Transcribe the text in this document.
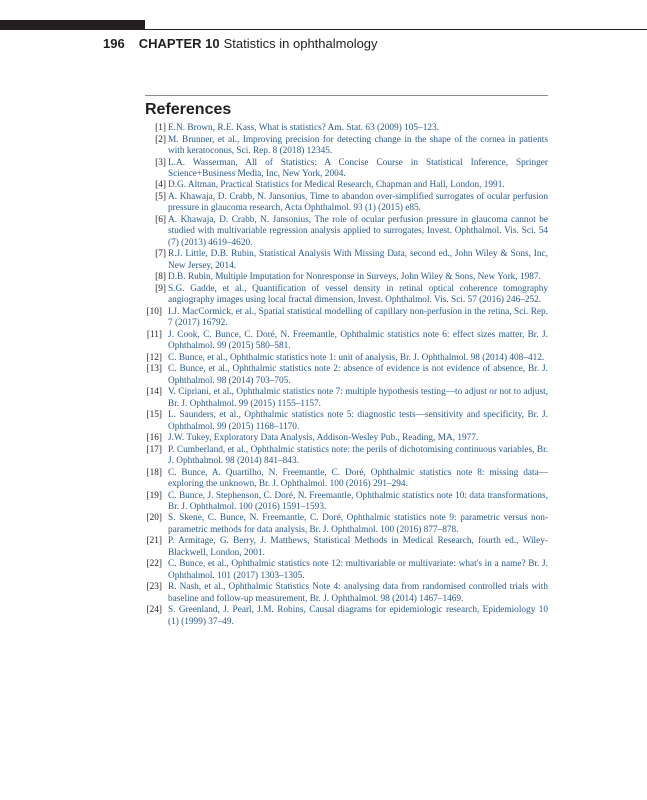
196 CHAPTER 10 Statistics in ophthalmology
References
[1] E.N. Brown, R.E. Kass, What is statistics? Am. Stat. 63 (2009) 105–123.
[2] M. Brunner, et al., Improving precision for detecting change in the shape of the cornea in patients with keratoconus, Sci. Rep. 8 (2018) 12345.
[3] L.A. Wasserman, All of Statistics: A Concise Course in Statistical Inference, Springer Science+Business Media, Inc, New York, 2004.
[4] D.G. Altman, Practical Statistics for Medical Research, Chapman and Hall, London, 1991.
[5] A. Khawaja, D. Crabb, N. Jansonius, Time to abandon over-simplified surrogates of ocular perfusion pressure in glaucoma research, Acta Ophthalmol. 93 (1) (2015) e85.
[6] A. Khawaja, D. Crabb, N. Jansonius, The role of ocular perfusion pressure in glaucoma cannot be studied with multivariable regression analysis applied to surrogates, Invest. Ophthalmol. Vis. Sci. 54 (7) (2013) 4619–4620.
[7] R.J. Little, D.B. Rubin, Statistical Analysis With Missing Data, second ed., John Wiley & Sons, Inc, New Jersey, 2014.
[8] D.B. Rubin, Multiple Imputation for Nonresponse in Surveys, John Wiley & Sons, New York, 1987.
[9] S.G. Gadde, et al., Quantification of vessel density in retinal optical coherence tomography angiography images using local fractal dimension, Invest. Ophthalmol. Vis. Sci. 57 (2016) 246–252.
[10] I.J. MacCormick, et al., Spatial statistical modelling of capillary non-perfusion in the retina, Sci. Rep. 7 (2017) 16792.
[11] J. Cook, C. Bunce, C. Doré, N. Freemantle, Ophthalmic statistics note 6: effect sizes matter, Br. J. Ophthalmol. 99 (2015) 580–581.
[12] C. Bunce, et al., Ophthalmic statistics note 1: unit of analysis, Br. J. Ophthalmol. 98 (2014) 408–412.
[13] C. Bunce, et al., Ophthalmic statistics note 2: absence of evidence is not evidence of absence, Br. J. Ophthalmol. 98 (2014) 703–705.
[14] V. Cipriani, et al., Ophthalmic statistics note 7: multiple hypothesis testing—to adjust or not to adjust, Br. J. Ophthalmol. 99 (2015) 1155–1157.
[15] L. Saunders, et al., Ophthalmic statistics note 5: diagnostic tests—sensitivity and specificity, Br. J. Ophthalmol. 99 (2015) 1168–1170.
[16] J.W. Tukey, Exploratory Data Analysis, Addison-Wesley Pub., Reading, MA, 1977.
[17] P. Cumberland, et al., Ophthalmic statistics note: the perils of dichotomising continuous variables, Br. J. Ophthalmol. 98 (2014) 841–843.
[18] C. Bunce, A. Quartilho, N. Freemantle, C. Doré, Ophthalmic statistics note 8: missing data—exploring the unknown, Br. J. Ophthalmol. 100 (2016) 291–294.
[19] C. Bunce, J. Stephenson, C. Doré, N. Freemantle, Ophthalmic statistics note 10: data transformations, Br. J. Ophthalmol. 100 (2016) 1591–1593.
[20] S. Skene, C. Bunce, N. Freemantle, C. Doré, Ophthalmic statistics note 9: parametric versus non-parametric methods for data analysis, Br. J. Ophthalmol. 100 (2016) 877–878.
[21] P. Armitage, G. Berry, J. Matthews, Statistical Methods in Medical Research, fourth ed., Wiley-Blackwell, London, 2001.
[22] C. Bunce, et al., Ophthalmic statistics note 12: multivariable or multivariate: what's in a name? Br. J. Ophthalmol. 101 (2017) 1303–1305.
[23] R. Nash, et al., Ophthalmic Statistics Note 4: analysing data from randomised controlled trials with baseline and follow-up measurement, Br. J. Ophthalmol. 98 (2014) 1467–1469.
[24] S. Greenland, J. Pearl, J.M. Robins, Causal diagrams for epidemiologic research, Epidemiology 10 (1) (1999) 37–49.
